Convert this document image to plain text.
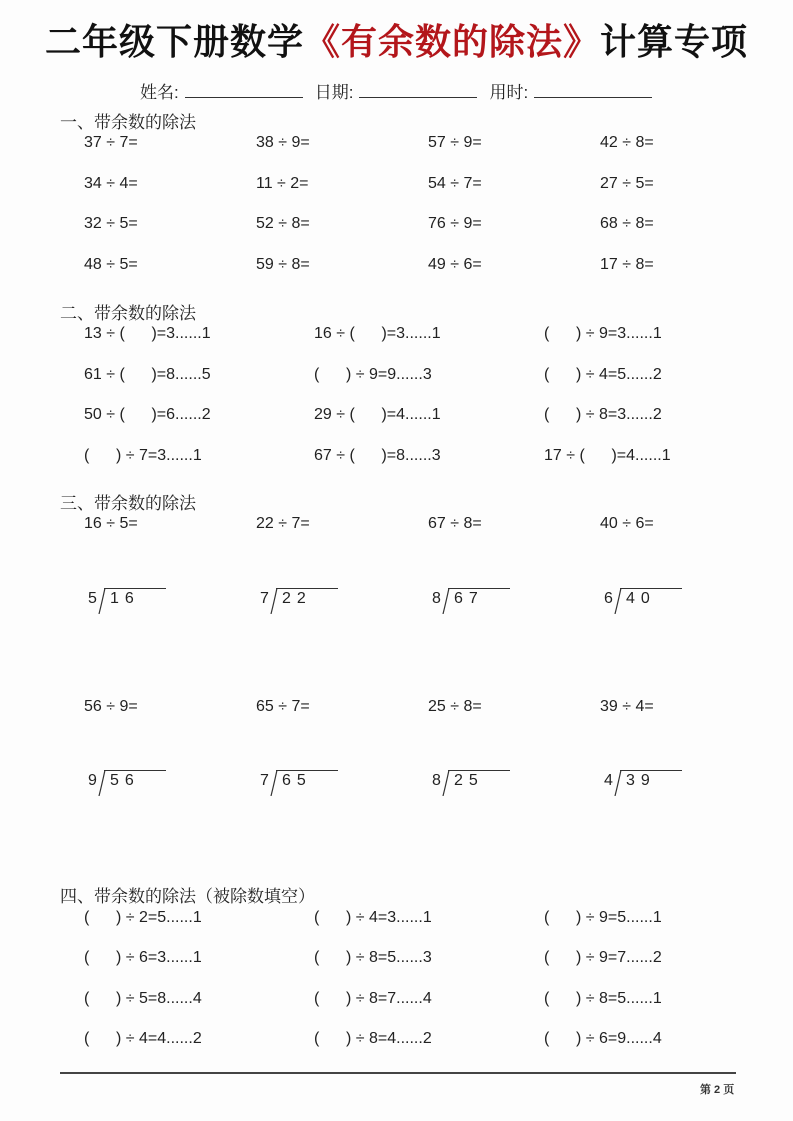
二年级下册数学《有余数的除法》计算专项
姓名:	日期:	用时:
一、带余数的除法
37 ÷ 7=	38 ÷ 9=	57 ÷ 9=	42 ÷ 8=
34 ÷ 4=	11 ÷ 2=	54 ÷ 7=	27 ÷ 5=
32 ÷ 5=	52 ÷ 8=	76 ÷ 9=	68 ÷ 8=
48 ÷ 5=	59 ÷ 8=	49 ÷ 6=	17 ÷ 8=
二、带余数的除法
13 ÷ (      )=3......1	16 ÷ (      )=3......1	(      ) ÷ 9=3......1
61 ÷ (      )=8......5	(      ) ÷ 9=9......3	(      ) ÷ 4=5......2
50 ÷ (      )=6......2	29 ÷ (      )=4......1	(      ) ÷ 8=3......2
(      ) ÷ 7=3......1	67 ÷ (      )=8......3	17 ÷ (      )=4......1
三、带余数的除法
16 ÷ 5=	22 ÷ 7=	67 ÷ 8=	40 ÷ 6=
5 16	7 22	8 67	6 40
56 ÷ 9=	65 ÷ 7=	25 ÷ 8=	39 ÷ 4=
9 56	7 65	8 25	4 39
四、带余数的除法（被除数填空）
(      ) ÷ 2=5......1	(      ) ÷ 4=3......1	(      ) ÷ 9=5......1
(      ) ÷ 6=3......1	(      ) ÷ 8=5......3	(      ) ÷ 9=7......2
(      ) ÷ 5=8......4	(      ) ÷ 8=7......4	(      ) ÷ 8=5......1
(      ) ÷ 4=4......2	(      ) ÷ 8=4......2	(      ) ÷ 6=9......4
第 2 页
